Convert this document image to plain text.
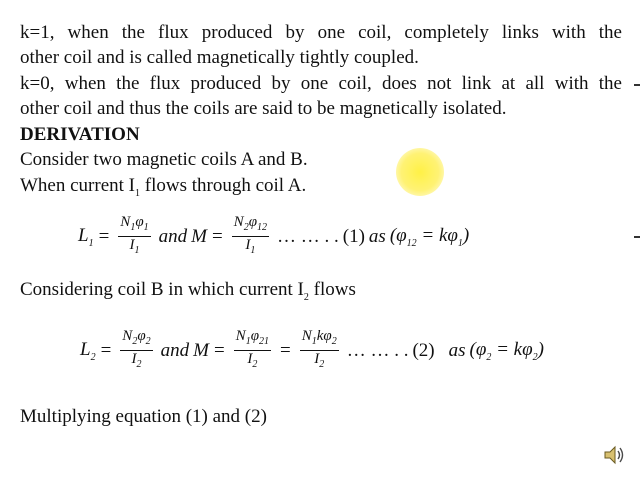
k=1, when the flux produced by one coil, completely links with the
other coil and is called magnetically tightly coupled.
k=0, when the flux produced by one coil, does not link at all with the
other coil and thus the coils are said to be magnetically isolated.
DERIVATION
Consider two magnetic coils A and B.
When current $I_1$ flows through coil A.
$L_1 = \frac{N_1\varphi_1}{I_1}$ and $M = \frac{N_2\varphi_{12}}{I_1}$ … … . . (1) as $(\varphi_{12} = k\varphi_1)$
Considering coil B in which current $I_2$ flows
$L_2 = \frac{N_2\varphi_2}{I_2}$ and $M = \frac{N_1\varphi_{21}}{I_2} = \frac{N_1k\varphi_2}{I_2}$ … … . . (2) as $(\varphi_2 = k\varphi_2)$
Multiplying equation (1) and (2)
